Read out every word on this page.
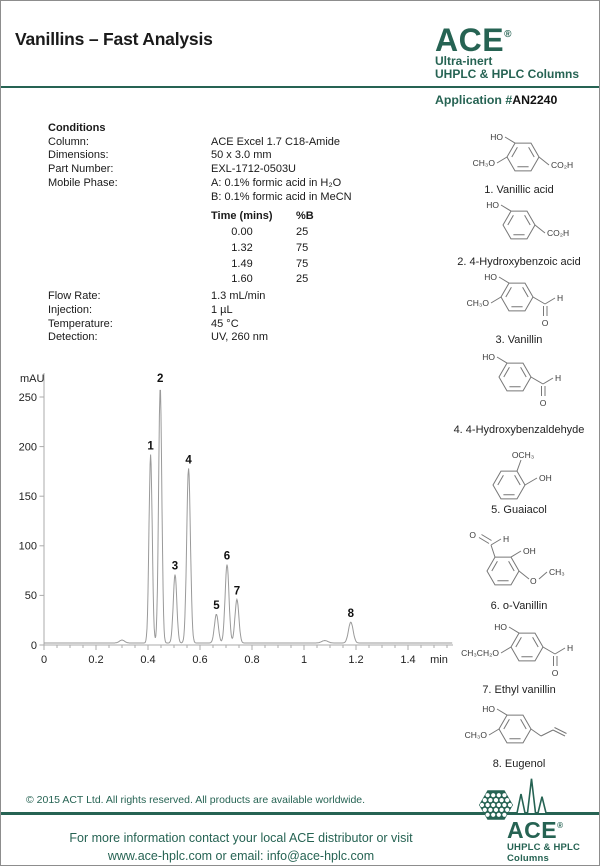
Vanillins – Fast Analysis	ACE®
Ultra-inert
UHPLC & HPLC Columns
Application #AN2240
Conditions
Column:	ACE Excel 1.7 C18-Amide
Dimensions:	50 x 3.0 mm
Part Number:	EXL-1712-0503U
Mobile Phase:	A: 0.1% formic acid in H₂O
B: 0.1% formic acid in MeCN
Time (mins) %B
0.00	25
1.32	75
1.49	75
1.60	25
Flow Rate:	1.3 mL/min
Injection:	1 µL
Temperature:	45 °C
Detection:	UV, 260 nm
mAU
0
50
100
150
200
250
0	0.2	0.4	0.6	0.8	1	1.2	1.4 min
1
2
3
4
5
6
7
8
HO
CH₃O	CO₂H
1. Vanillic acid
HO
CO₂H
2. 4-Hydroxybenzoic acid
HO
CH₃O	H
O
3. Vanillin
HO
H
O
4. 4-Hydroxybenzaldehyde
OCH₃
OH
5. Guaiacol
O	H
OH
O
CH₃
6. o-Vanillin
HO
CH₃CH₂O	H
O
7. Ethyl vanillin
HO
CH₃O
8. Eugenol
© 2015 ACT Ltd. All rights reserved. All products are available worldwide.
For more information contact your local ACE distributor or visit
www.ace-hplc.com or email: info@ace-hplc.com
ACE®
UHPLC & HPLC
Columns
